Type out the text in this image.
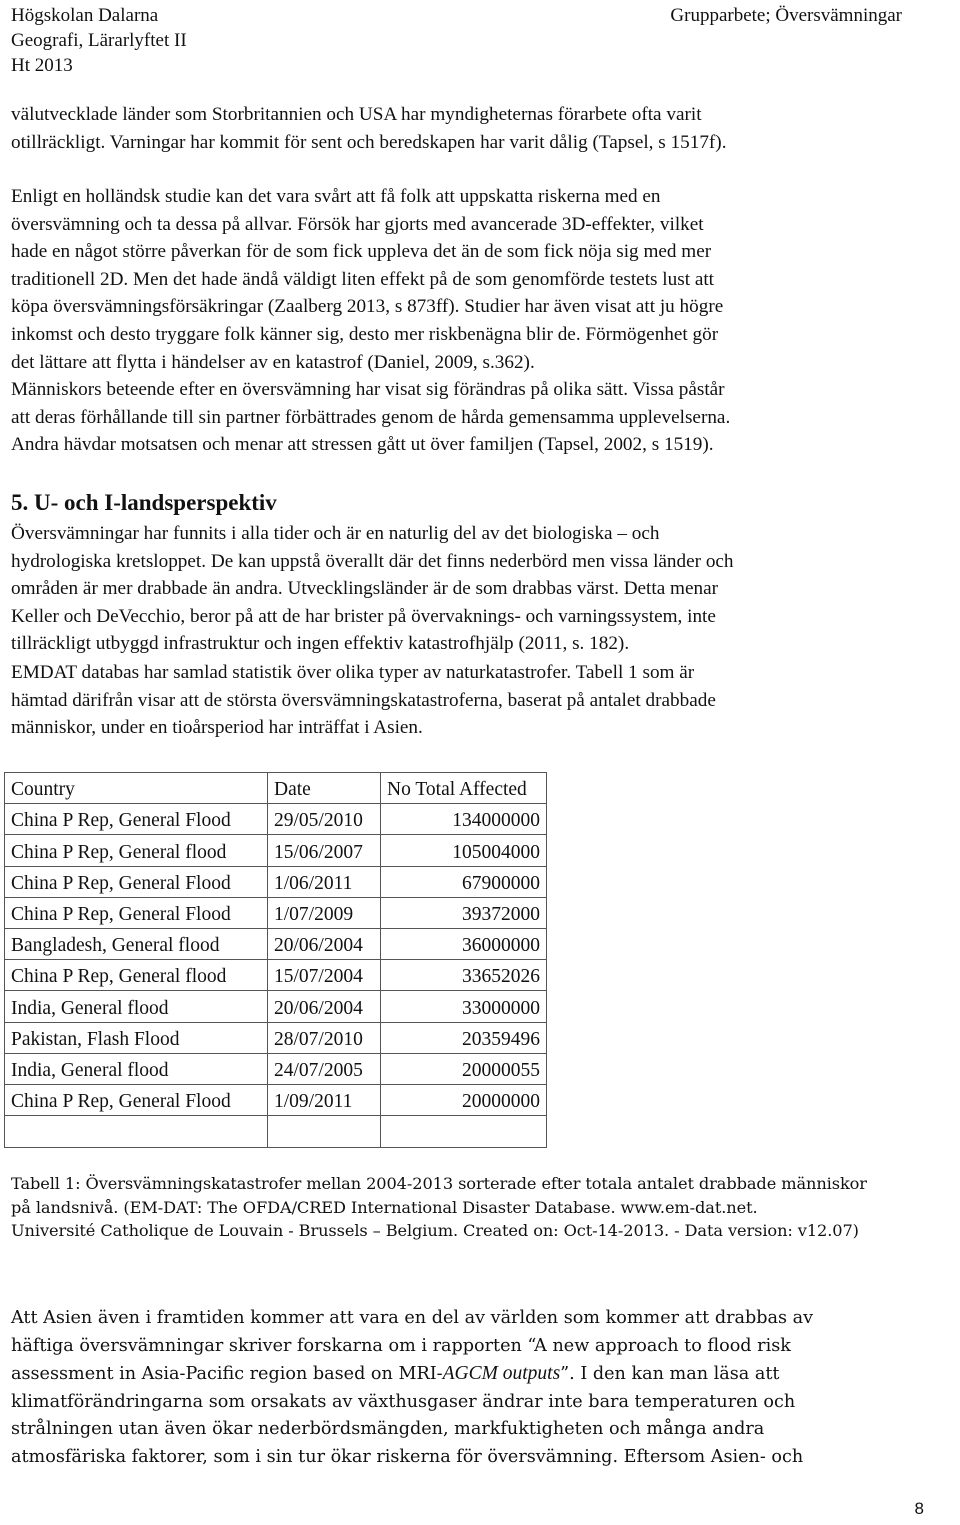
Högskolan Dalarna
Geografi, Lärarlyftet II
Ht 2013
Grupparbete; Översvämningar

välutvecklade länder som Storbritannien och USA har myndigheternas förarbete ofta varit
otillräckligt. Varningar har kommit för sent och beredskapen har varit dålig (Tapsel, s 1517f).

Enligt en holländsk studie kan det vara svårt att få folk att uppskatta riskerna med en
översvämning och ta dessa på allvar. Försök har gjorts med avancerade 3D-effekter, vilket
hade en något större påverkan för de som fick uppleva det än de som fick nöja sig med mer
traditionell 2D. Men det hade ändå väldigt liten effekt på de som genomförde testets lust att
köpa översvämningsförsäkringar (Zaalberg 2013, s 873ff). Studier har även visat att ju högre
inkomst och desto tryggare folk känner sig, desto mer riskbenägna blir de. Förmögenhet gör
det lättare att flytta i händelser av en katastrof (Daniel, 2009, s.362).

Människors beteende efter en översvämning har visat sig förändras på olika sätt. Vissa påstår
att deras förhållande till sin partner förbättrades genom de hårda gemensamma upplevelserna.
Andra hävdar motsatsen och menar att stressen gått ut över familjen (Tapsel, 2002, s 1519).

5. U- och I-landsperspektiv

Översvämningar har funnits i alla tider och är en naturlig del av det biologiska – och
hydrologiska kretsloppet. De kan uppstå överallt där det finns nederbörd men vissa länder och
områden är mer drabbade än andra. Utvecklingsländer är de som drabbas värst. Detta menar
Keller och DeVecchio, beror på att de har brister på övervaknings- och varningssystem, inte
tillräckligt utbyggd infrastruktur och ingen effektiv katastrofhjälp (2011, s. 182).

EMDAT databas har samlad statistik över olika typer av naturkatastrofer. Tabell 1 som är
hämtad därifrån visar att de största översvämningskatastroferna, baserat på antalet drabbade
människor, under en tioårsperiod har inträffat i Asien.

Country	Date	No Total Affected
China P Rep, General Flood	29/05/2010	134000000
China P Rep, General flood	15/06/2007	105004000
China P Rep, General Flood	1/06/2011	67900000
China P Rep, General Flood	1/07/2009	39372000
Bangladesh, General flood	20/06/2004	36000000
China P Rep, General flood	15/07/2004	33652026
India, General flood	20/06/2004	33000000
Pakistan, Flash Flood	28/07/2010	20359496
India, General flood	24/07/2005	20000055
China P Rep, General Flood	1/09/2011	20000000

Tabell 1: Översvämningskatastrofer mellan 2004-2013 sorterade efter totala antalet drabbade människor
på landsnivå. (EM-DAT: The OFDA/CRED International Disaster Database. www.em-dat.net.
Université Catholique de Louvain - Brussels – Belgium. Created on: Oct-14-2013. - Data version: v12.07)

Att Asien även i framtiden kommer att vara en del av världen som kommer att drabbas av
häftiga översvämningar skriver forskarna om i rapporten “A new approach to flood risk
assessment in Asia-Pacific region based on MRI-AGCM outputs”. I den kan man läsa att
klimatförändringarna som orsakats av växthusgaser ändrar inte bara temperaturen och
strålningen utan även ökar nederbördsmängden, markfuktigheten och många andra
atmosfäriska faktorer, som i sin tur ökar riskerna för översvämning. Eftersom Asien- och

8
